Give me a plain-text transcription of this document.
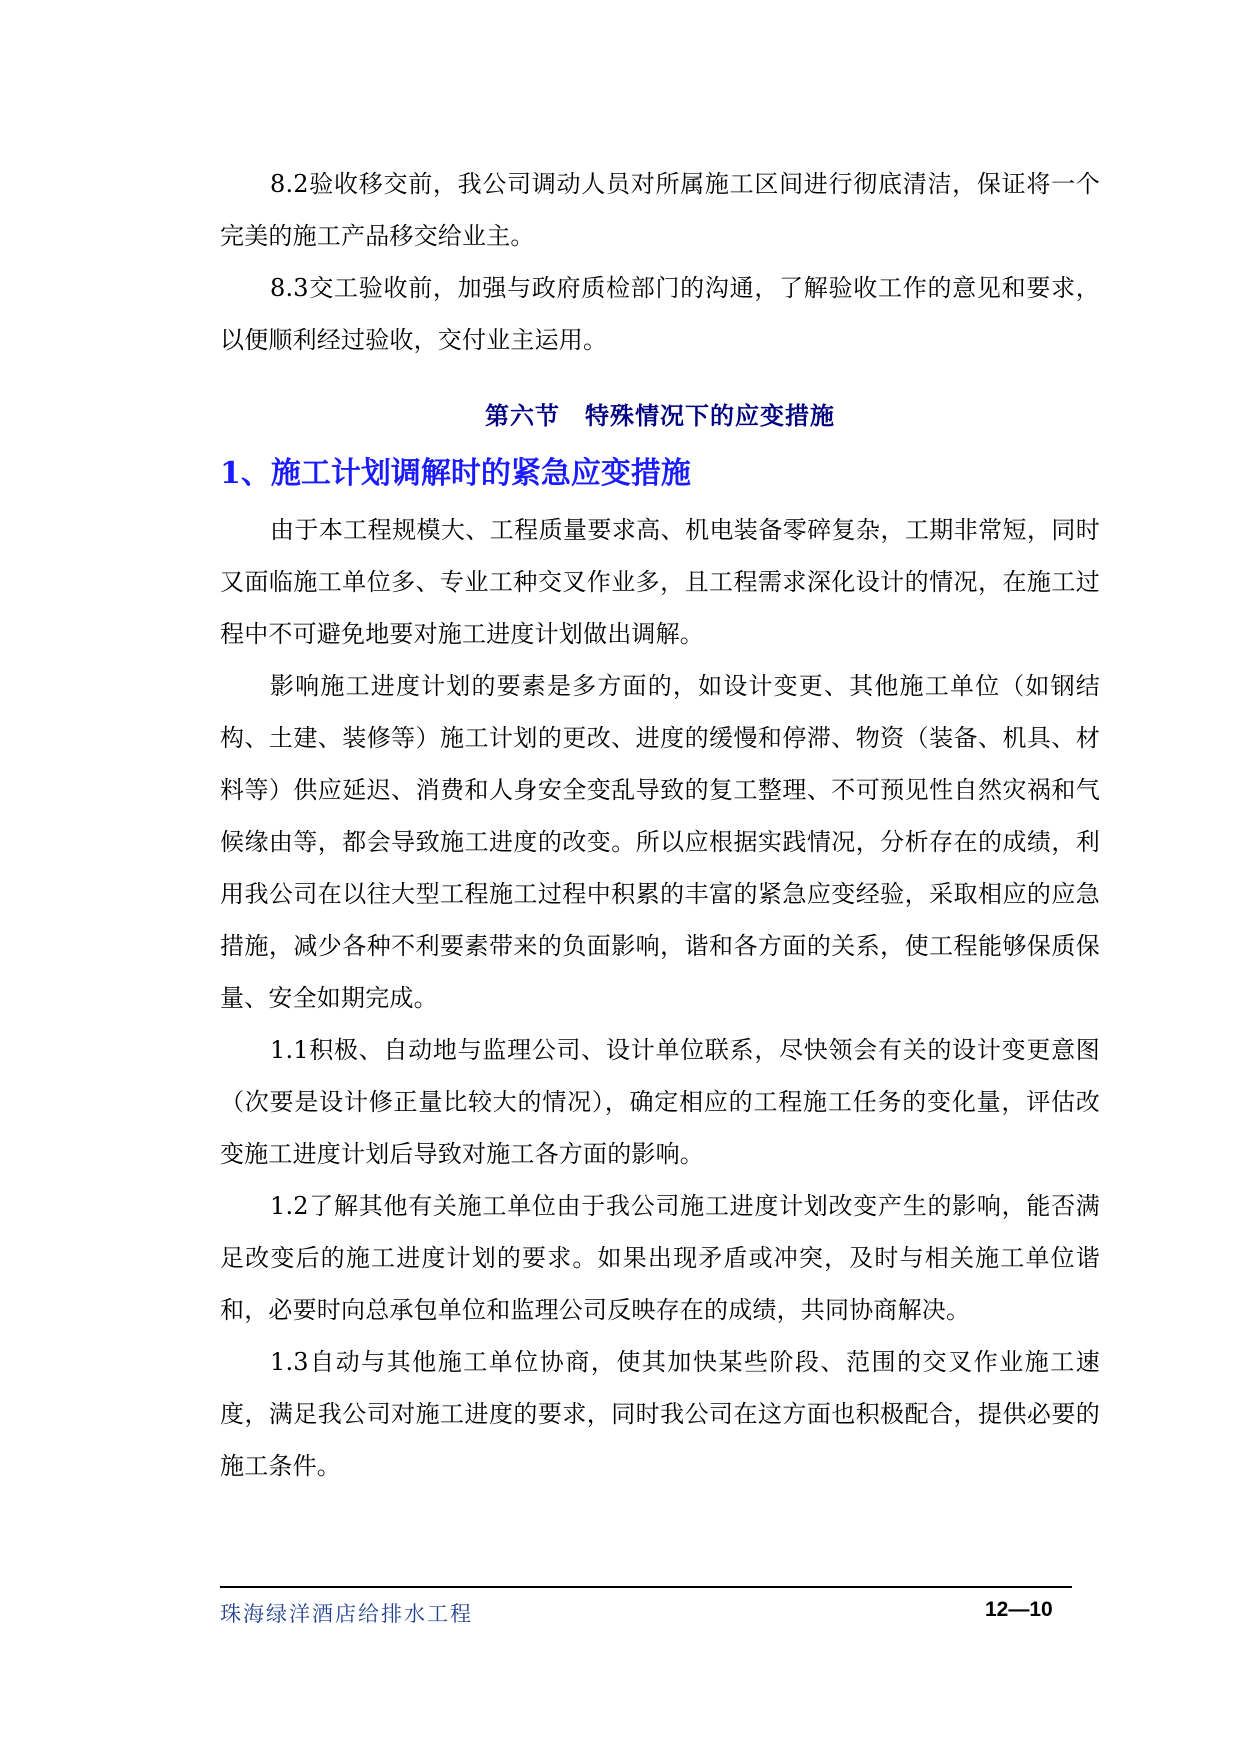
8.2验收移交前，我公司调动人员对所属施工区间进行彻底清洁，保证将一个完美的施工产品移交给业主。

8.3交工验收前，加强与政府质检部门的沟通，了解验收工作的意见和要求，以便顺利经过验收，交付业主运用。

第六节　特殊情况下的应变措施
1、施工计划调解时的紧急应变措施

由于本工程规模大、工程质量要求高、机电装备零碎复杂，工期非常短，同时又面临施工单位多、专业工种交叉作业多，且工程需求深化设计的情况，在施工过程中不可避免地要对施工进度计划做出调解。

影响施工进度计划的要素是多方面的，如设计变更、其他施工单位（如钢结构、土建、装修等）施工计划的更改、进度的缓慢和停滞、物资（装备、机具、材料等）供应延迟、消费和人身安全变乱导致的复工整理、不可预见性自然灾祸和气候缘由等，都会导致施工进度的改变。所以应根据实践情况，分析存在的成绩，利用我公司在以往大型工程施工过程中积累的丰富的紧急应变经验，采取相应的应急措施，减少各种不利要素带来的负面影响，谐和各方面的关系，使工程能够保质保量、安全如期完成。

1.1积极、自动地与监理公司、设计单位联系，尽快领会有关的设计变更意图（次要是设计修正量比较大的情况），确定相应的工程施工任务的变化量，评估改变施工进度计划后导致对施工各方面的影响。

1.2了解其他有关施工单位由于我公司施工进度计划改变产生的影响，能否满足改变后的施工进度计划的要求。如果出现矛盾或冲突，及时与相关施工单位谐和，必要时向总承包单位和监理公司反映存在的成绩，共同协商解决。

1.3自动与其他施工单位协商，使其加快某些阶段、范围的交叉作业施工速度，满足我公司对施工进度的要求，同时我公司在这方面也积极配合，提供必要的施工条件。

珠海绿洋酒店给排水工程	12—10
